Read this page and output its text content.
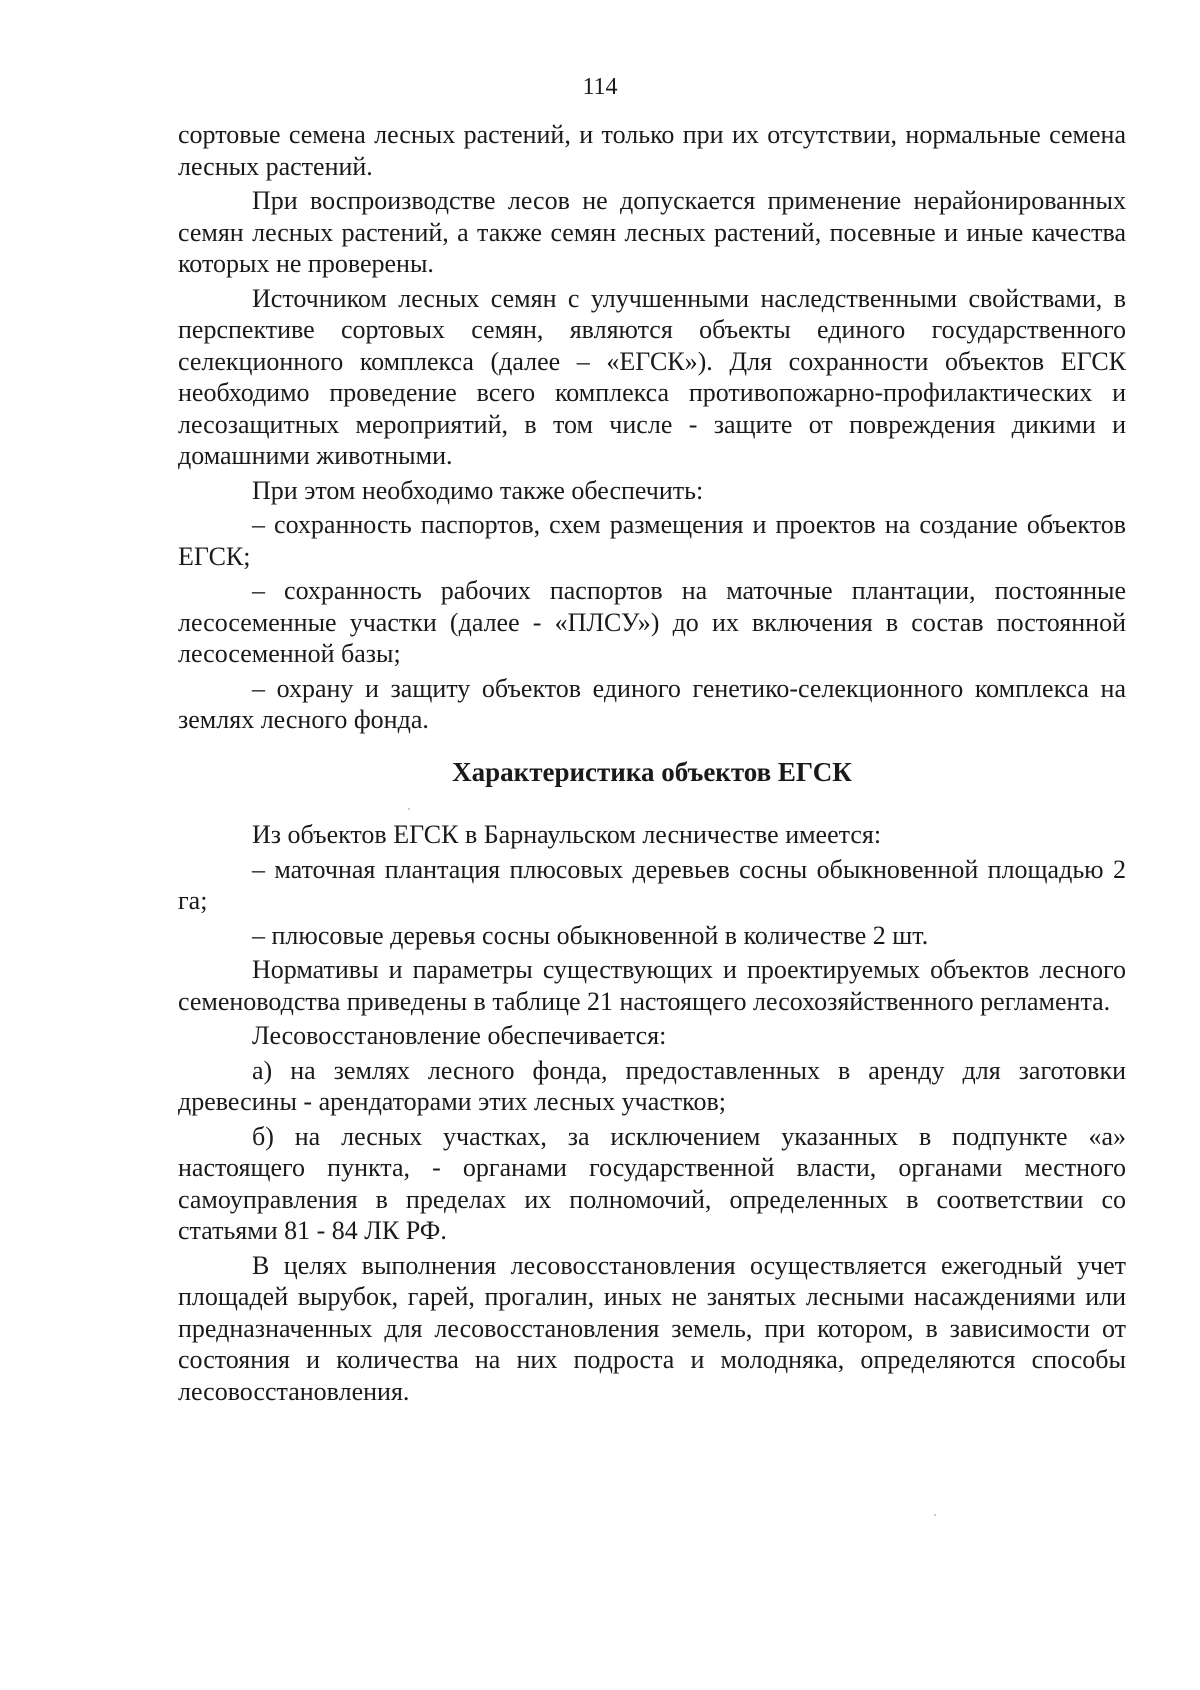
114

сортовые семена лесных растений, и только при их отсутствии, нормальные семена лесных растений.

При воспроизводстве лесов не допускается применение нерайонированных семян лесных растений, а также семян лесных растений, посевные и иные качества которых не проверены.

Источником лесных семян с улучшенными наследственными свойствами, в перспективе сортовых семян, являются объекты единого государственного селекционного комплекса (далее – «ЕГСК»). Для сохранности объектов ЕГСК необходимо проведение всего комплекса противопожарно-профилактических и лесозащитных мероприятий, в том числе - защите от повреждения дикими и домашними животными.

При этом необходимо также обеспечить:

– сохранность паспортов, схем размещения и проектов на создание объектов ЕГСК;

– сохранность рабочих паспортов на маточные плантации, постоянные лесосеменные участки (далее - «ПЛСУ») до их включения в состав постоянной лесосеменной базы;

– охрану и защиту объектов единого генетико-селекционного комплекса на землях лесного фонда.

Характеристика объектов ЕГСК

Из объектов ЕГСК в Барнаульском лесничестве имеется:

– маточная плантация плюсовых деревьев сосны обыкновенной площадью 2 га;

– плюсовые деревья сосны обыкновенной в количестве 2 шт.

Нормативы и параметры существующих и проектируемых объектов лесного семеноводства приведены в таблице 21 настоящего лесохозяйственного регламента.

Лесовосстановление обеспечивается:

а) на землях лесного фонда, предоставленных в аренду для заготовки древесины - арендаторами этих лесных участков;

б) на лесных участках, за исключением указанных в подпункте «а» настоящего пункта, - органами государственной власти, органами местного самоуправления в пределах их полномочий, определенных в соответствии со статьями 81 - 84 ЛК РФ.

В целях выполнения лесовосстановления осуществляется ежегодный учет площадей вырубок, гарей, прогалин, иных не занятых лесными насаждениями или предназначенных для лесовосстановления земель, при котором, в зависимости от состояния и количества на них подроста и молодняка, определяются способы лесовосстановления.
